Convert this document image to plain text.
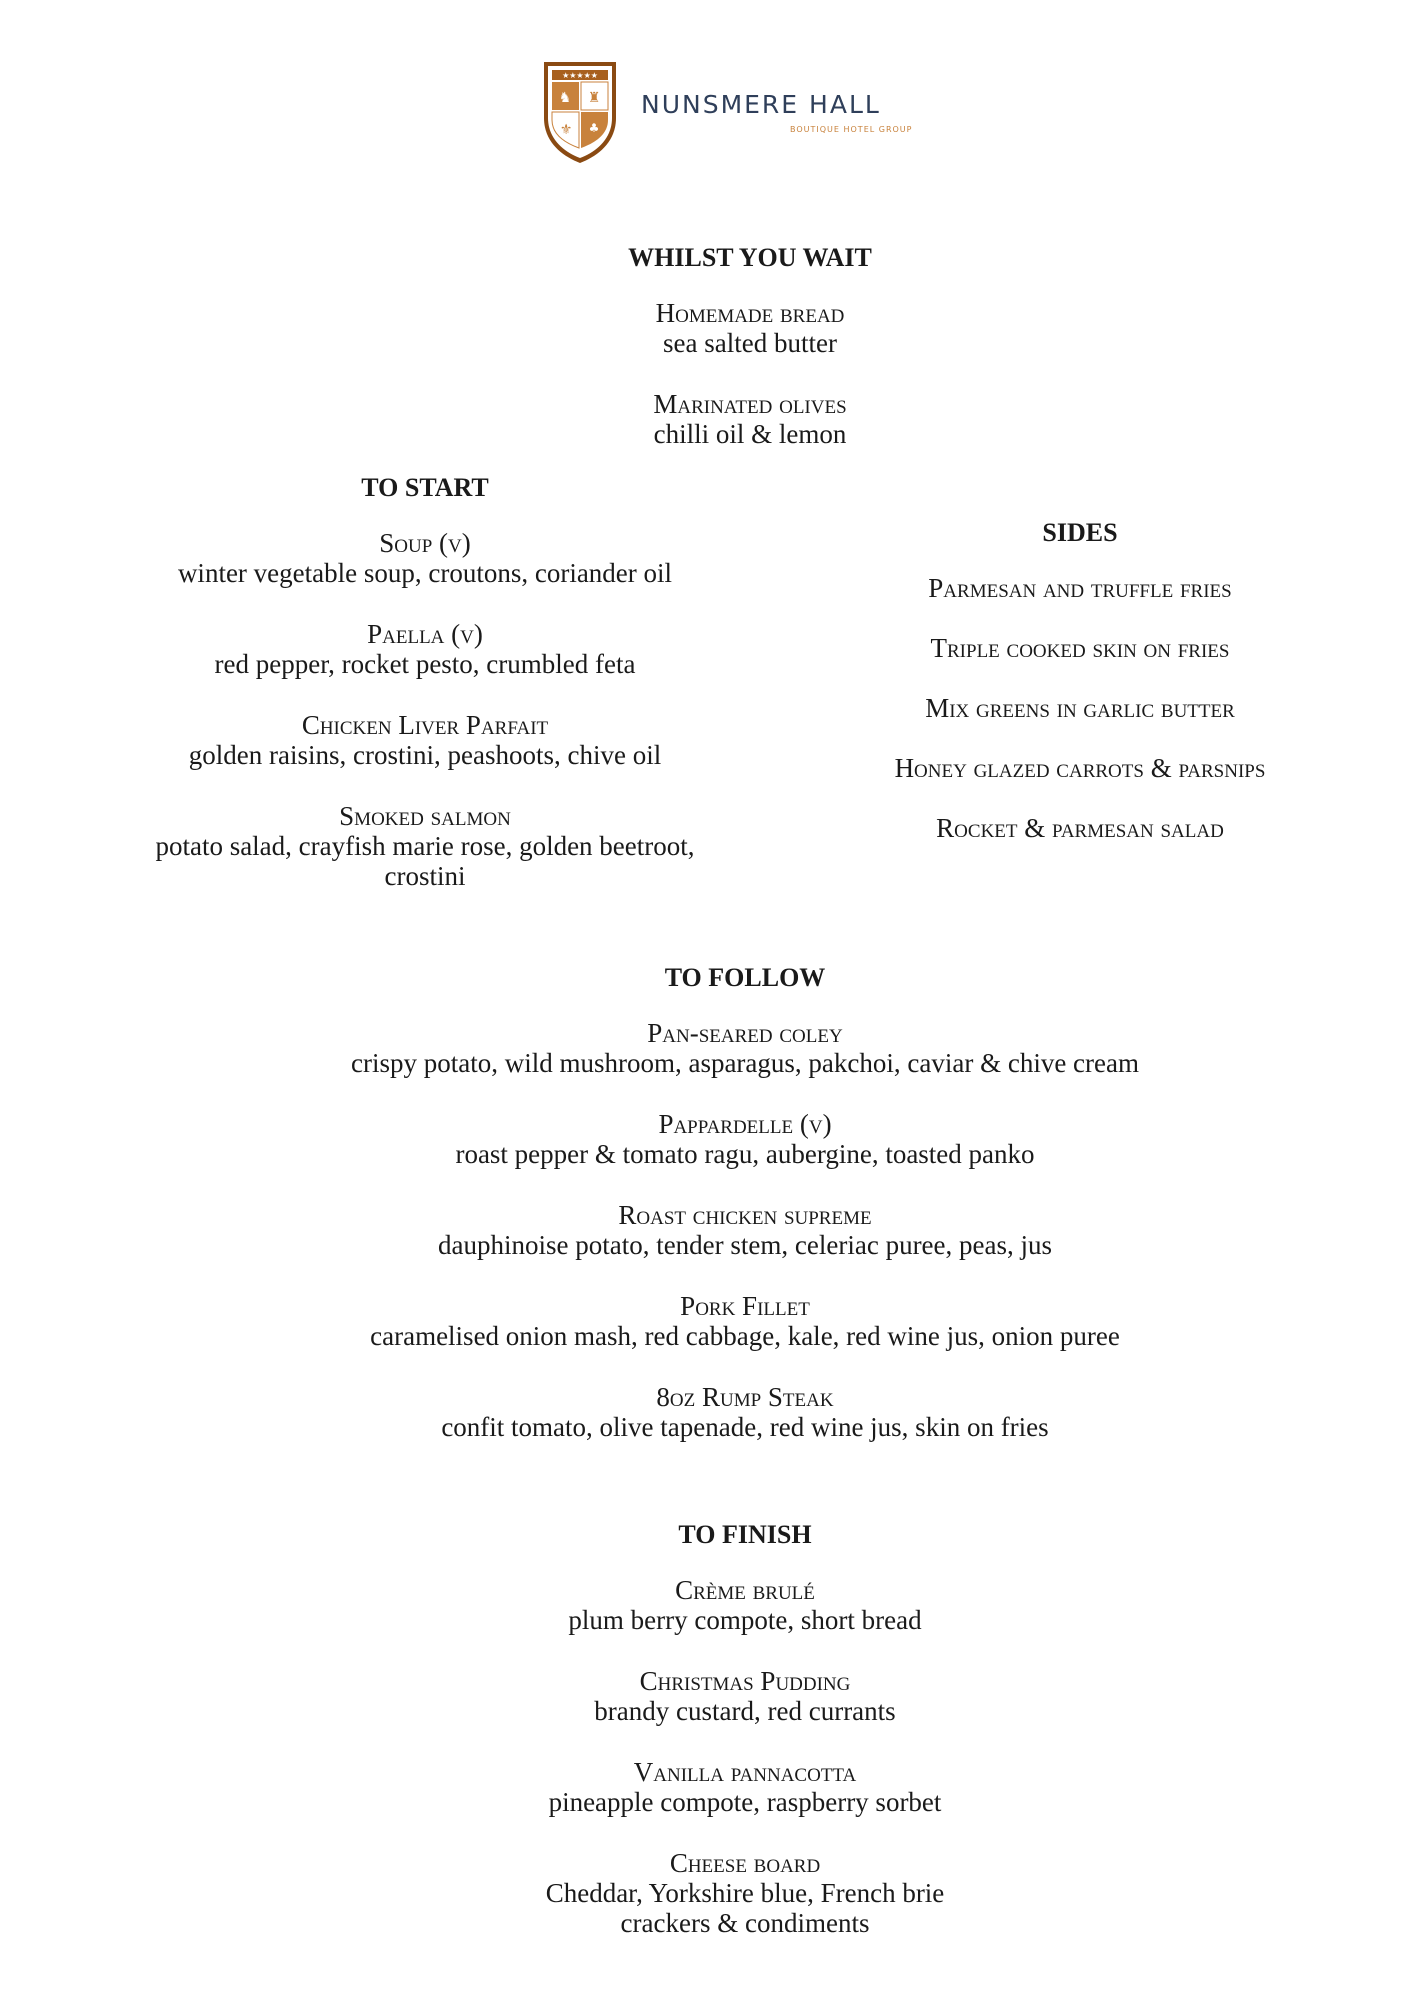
★★★★★
♞ ♜
⚜ ♣

NUNSMERE HALL

BOUTIQUE HOTEL GROUP

WHILST YOU WAIT

Homemade bread
sea salted butter
Marinated olives
chilli oil & lemon

TO START

Soup (v)
winter vegetable soup, croutons, coriander oil
Paella (v)
red pepper, rocket pesto, crumbled feta
Chicken Liver Parfait
golden raisins, crostini, peashoots, chive oil
Smoked salmon
potato salad, crayfish marie rose, golden beetroot, crostini

SIDES

Parmesan and truffle fries
Triple cooked skin on fries
Mix greens in garlic butter
Honey glazed carrots & parsnips
Rocket & parmesan salad

TO FOLLOW

Pan-seared coley
crispy potato, wild mushroom, asparagus, pakchoi, caviar & chive cream
Pappardelle (v)
roast pepper & tomato ragu, aubergine, toasted panko
Roast chicken supreme
dauphinoise potato, tender stem, celeriac puree, peas, jus
Pork Fillet
caramelised onion mash, red cabbage, kale, red wine jus, onion puree
8oz Rump Steak
confit tomato, olive tapenade, red wine jus, skin on fries

TO FINISH

Crème brulé
plum berry compote, short bread
Christmas Pudding
brandy custard, red currants
Vanilla pannacotta
pineapple compote, raspberry sorbet
Cheese board
Cheddar, Yorkshire blue, French brie
crackers & condiments
